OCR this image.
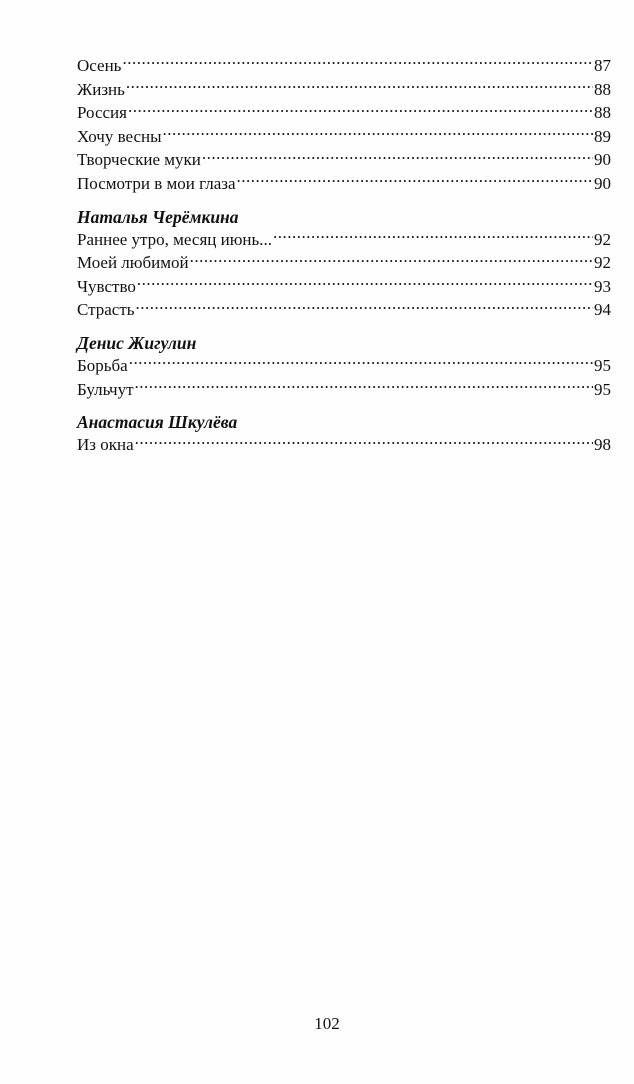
Осень .....	87
Жизнь .....	88
Россия .....	88
Хочу весны .....	89
Творческие муки .....	90
Посмотри в мои глаза .....	90
Наталья Черёмкина
Раннее утро, месяц июнь... .....	92
Моей любимой .....	92
Чувство .....	93
Страсть .....	94
Денис Жигулин
Борьба .....	95
Бульчут .....	95
Анастасия Шкулёва
Из окна .....	98
102
